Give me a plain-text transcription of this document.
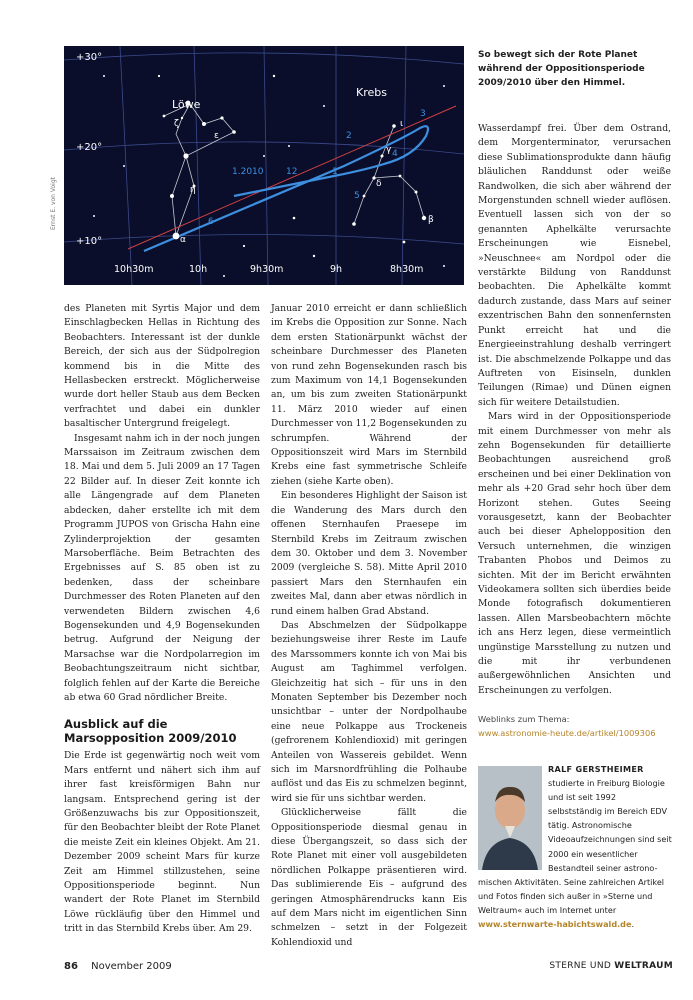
+30°
+20°
+10°
Löwe
Krebs
10h30m	10h	9h30m	9h	8h30m
η
ζ
α
δ
γ
β
ι
ε
1.2010	12	1
2
3
4
5
6
Ernst E. von Voigt
So bewegt sich der Rote Planet während der Oppositionsperiode 2009/2010 über den Himmel.

des Planeten mit Syrtis Major und dem Einschlagbecken Hellas in Richtung des Beobachters. Interessant ist der dunkle Bereich, der sich aus der Südpolregion kommend bis in die Mitte des Hellasbecken erstreckt. Möglicherweise wurde dort heller Staub aus dem Becken verfrachtet und dabei ein dunkler basaltischer Untergrund freigelegt.

Insgesamt nahm ich in der noch jungen Marssaison im Zeitraum zwischen dem 18. Mai und dem 5. Juli 2009 an 17 Tagen 22 Bilder auf. In dieser Zeit konnte ich alle Längengrade auf dem Planeten abdecken, daher erstellte ich mit dem Programm JUPOS von Grischa Hahn eine Zylinderprojektion der gesamten Marsoberfläche. Beim Betrachten des Ergebnisses auf S. 85 oben ist zu bedenken, dass der scheinbare Durchmesser des Roten Planeten auf den verwendeten Bildern zwischen 4,6 Bogensekunden und 4,9 Bogensekunden betrug. Aufgrund der Neigung der Marsachse war die Nordpolarregion im Beobachtungszeitraum nicht sichtbar, folglich fehlen auf der Karte die Bereiche ab etwa 60 Grad nördlicher Breite.

Ausblick auf die Marsopposition 2009/2010

Die Erde ist gegenwärtig noch weit vom Mars entfernt und nähert sich ihm auf ihrer fast kreisförmigen Bahn nur langsam. Entsprechend gering ist der Größenzuwachs bis zur Oppositionszeit, für den Beobachter bleibt der Rote Planet die meiste Zeit ein kleines Objekt. Am 21. Dezember 2009 scheint Mars für kurze Zeit am Himmel stillzustehen, seine Oppositionsperiode beginnt. Nun wandert der Rote Planet im Sternbild Löwe rückläufig über den Himmel und tritt in das Sternbild Krebs über. Am 29.

Januar 2010 erreicht er dann schließlich im Krebs die Opposition zur Sonne. Nach dem ersten Stationärpunkt wächst der scheinbare Durchmesser des Planeten von rund zehn Bogensekunden rasch bis zum Maximum von 14,1 Bogensekunden an, um bis zum zweiten Stationärpunkt 11. März 2010 wieder auf einen Durchmesser von 11,2 Bogensekunden zu schrumpfen. Während der Oppositionszeit wird Mars im Sternbild Krebs eine fast symmetrische Schleife ziehen (siehe Karte oben).

Ein besonderes Highlight der Saison ist die Wanderung des Mars durch den offenen Sternhaufen Praesepe im Sternbild Krebs im Zeitraum zwischen dem 30. Oktober und dem 3. November 2009 (vergleiche S. 58). Mitte April 2010 passiert Mars den Sternhaufen ein zweites Mal, dann aber etwas nördlich in rund einem halben Grad Abstand.

Das Abschmelzen der Südpolkappe beziehungsweise ihrer Reste im Laufe des Marssommers konnte ich von Mai bis August am Taghimmel verfolgen. Gleichzeitig hat sich – für uns in den Monaten September bis Dezember noch unsichtbar – unter der Nordpolhaube eine neue Polkappe aus Trockeneis (gefrorenem Kohlendioxid) mit geringen Anteilen von Wassereis gebildet. Wenn sich im Marsnordfrühling die Polhaube auflöst und das Eis zu schmelzen beginnt, wird sie für uns sichtbar werden.

Glücklicherweise fällt die Oppositionsperiode diesmal genau in diese Übergangszeit, so dass sich der Rote Planet mit einer voll ausgebildeten nördlichen Polkappe präsentieren wird. Das sublimierende Eis – aufgrund des geringen Atmosphärendrucks kann Eis auf dem Mars nicht im eigentlichen Sinn schmelzen – setzt in der Folgezeit Kohlendioxid und

Wasserdampf frei. Über dem Ostrand, dem Morgenterminator, verursachen diese Sublimationsprodukte dann häufig bläulichen Randdunst oder weiße Randwolken, die sich aber während der Morgenstunden schnell wieder auflösen. Eventuell lassen sich von der so genannten Aphelkälte verursachte Erscheinungen wie Eisnebel, »Neuschnee« am Nordpol oder die verstärkte Bildung von Randdunst beobachten. Die Aphelkälte kommt dadurch zustande, dass Mars auf seiner exzentrischen Bahn den sonnenfernsten Punkt erreicht hat und die Energieeinstrahlung deshalb verringert ist. Die abschmelzende Polkappe und das Auftreten von Eisinseln, dunklen Teilungen (Rimae) und Dünen eignen sich für weitere Detailstudien.

Mars wird in der Oppositionsperiode mit einem Durchmesser von mehr als zehn Bogensekunden für detaillierte Beobachtungen ausreichend groß erscheinen und bei einer Deklination von mehr als +20 Grad sehr hoch über dem Horizont stehen. Gutes Seeing vorausgesetzt, kann der Beobachter auch bei dieser Aphelopposition den Versuch unternehmen, die winzigen Trabanten Phobos und Deimos zu sichten. Mit der im Bericht erwähnten Videokamera sollten sich überdies beide Monde fotografisch dokumentieren lassen. Allen Marsbeobachtern möchte ich ans Herz legen, diese vermeintlich ungünstige Marsstellung zu nutzen und die mit ihr verbundenen außergewöhnlichen Ansichten und Erscheinungen zu verfolgen.

Weblinks zum Thema:
www.astronomie-heute.de/artikel/1009306
RALF GERSTHEIMER studierte in Freiburg Biologie und ist seit 1992 selbstständig im Bereich EDV tätig. Astronomische Videoaufzeichnungen sind seit 2000 ein wesentlicher Bestandteil seiner astrono-
mischen Aktivitäten. Seine zahlreichen Artikel und Fotos finden sich außer in »Sterne und Weltraum« auch im Internet unter www.sternwarte-habichtswald.de.
86 November 2009	STERNE UND WELTRAUM
